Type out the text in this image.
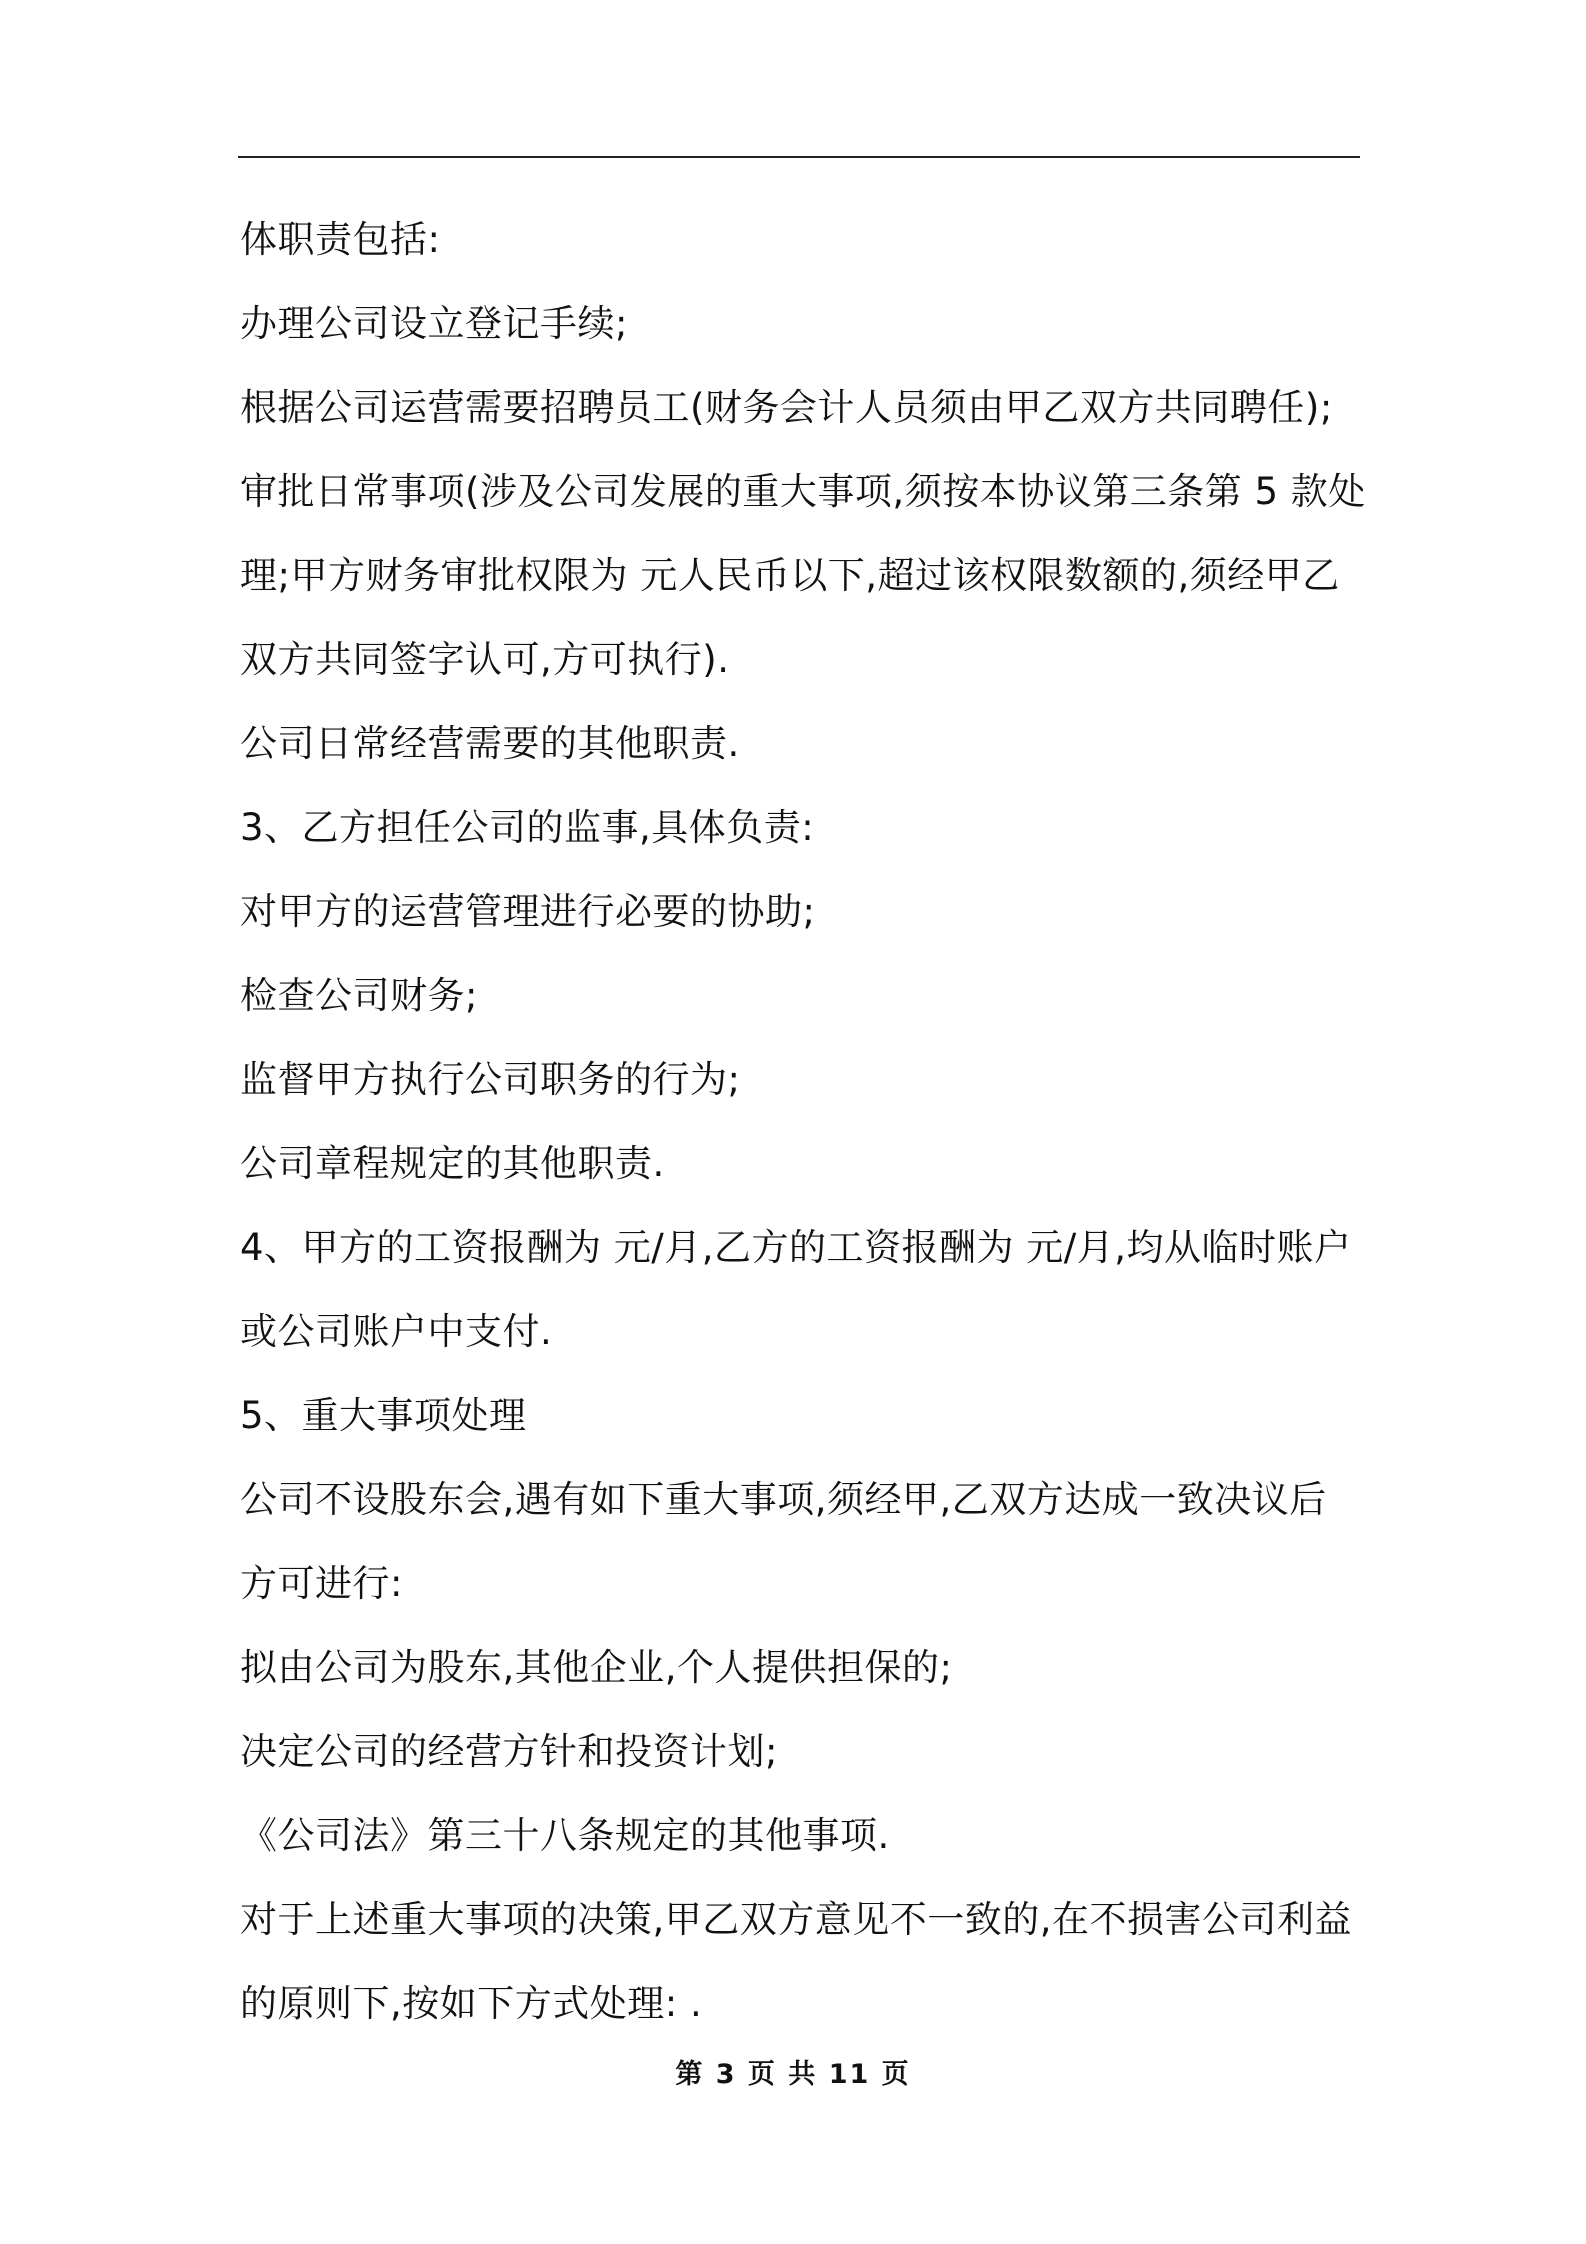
体职责包括:
办理公司设立登记手续;
根据公司运营需要招聘员工(财务会计人员须由甲乙双方共同聘任);
审批日常事项(涉及公司发展的重大事项,须按本协议第三条第 5 款处
理;甲方财务审批权限为 元人民币以下,超过该权限数额的,须经甲乙
双方共同签字认可,方可执行).
公司日常经营需要的其他职责.
3、乙方担任公司的监事,具体负责:
对甲方的运营管理进行必要的协助;
检查公司财务;
监督甲方执行公司职务的行为;
公司章程规定的其他职责.
4、甲方的工资报酬为 元/月,乙方的工资报酬为 元/月,均从临时账户
或公司账户中支付.
5、重大事项处理
公司不设股东会,遇有如下重大事项,须经甲,乙双方达成一致决议后
方可进行:
拟由公司为股东,其他企业,个人提供担保的;
决定公司的经营方针和投资计划;
《公司法》第三十八条规定的其他事项.
对于上述重大事项的决策,甲乙双方意见不一致的,在不损害公司利益
的原则下,按如下方式处理: .
第 3 页 共 11 页
